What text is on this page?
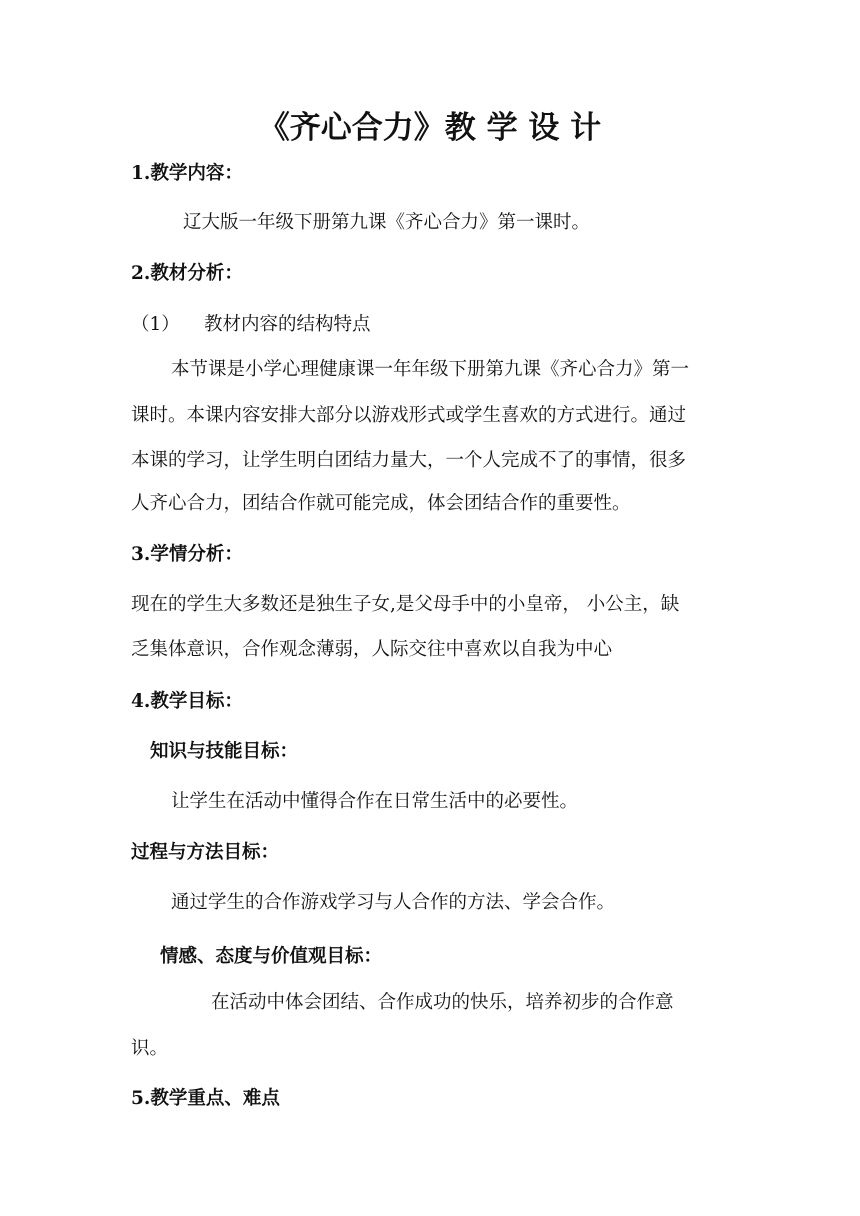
《齐心合力》教 学 设 计
1.教学内容：
辽大版一年级下册第九课《齐心合力》第一课时。
2.教材分析：
（1） 教材内容的结构特点
本节课是小学心理健康课一年年级下册第九课《齐心合力》第一
课时。本课内容安排大部分以游戏形式或学生喜欢的方式进行。通过
本课的学习，让学生明白团结力量大，一个人完成不了的事情，很多
人齐心合力，团结合作就可能完成，体会团结合作的重要性。
3.学情分析：
现在的学生大多数还是独生子女,是父母手中的小皇帝， 小公主，缺
乏集体意识，合作观念薄弱，人际交往中喜欢以自我为中心
4.教学目标：
知识与技能目标：
让学生在活动中懂得合作在日常生活中的必要性。
过程与方法目标：
通过学生的合作游戏学习与人合作的方法、学会合作。
情感、态度与价值观目标：
在活动中体会团结、合作成功的快乐，培养初步的合作意
识。
5.教学重点、难点
